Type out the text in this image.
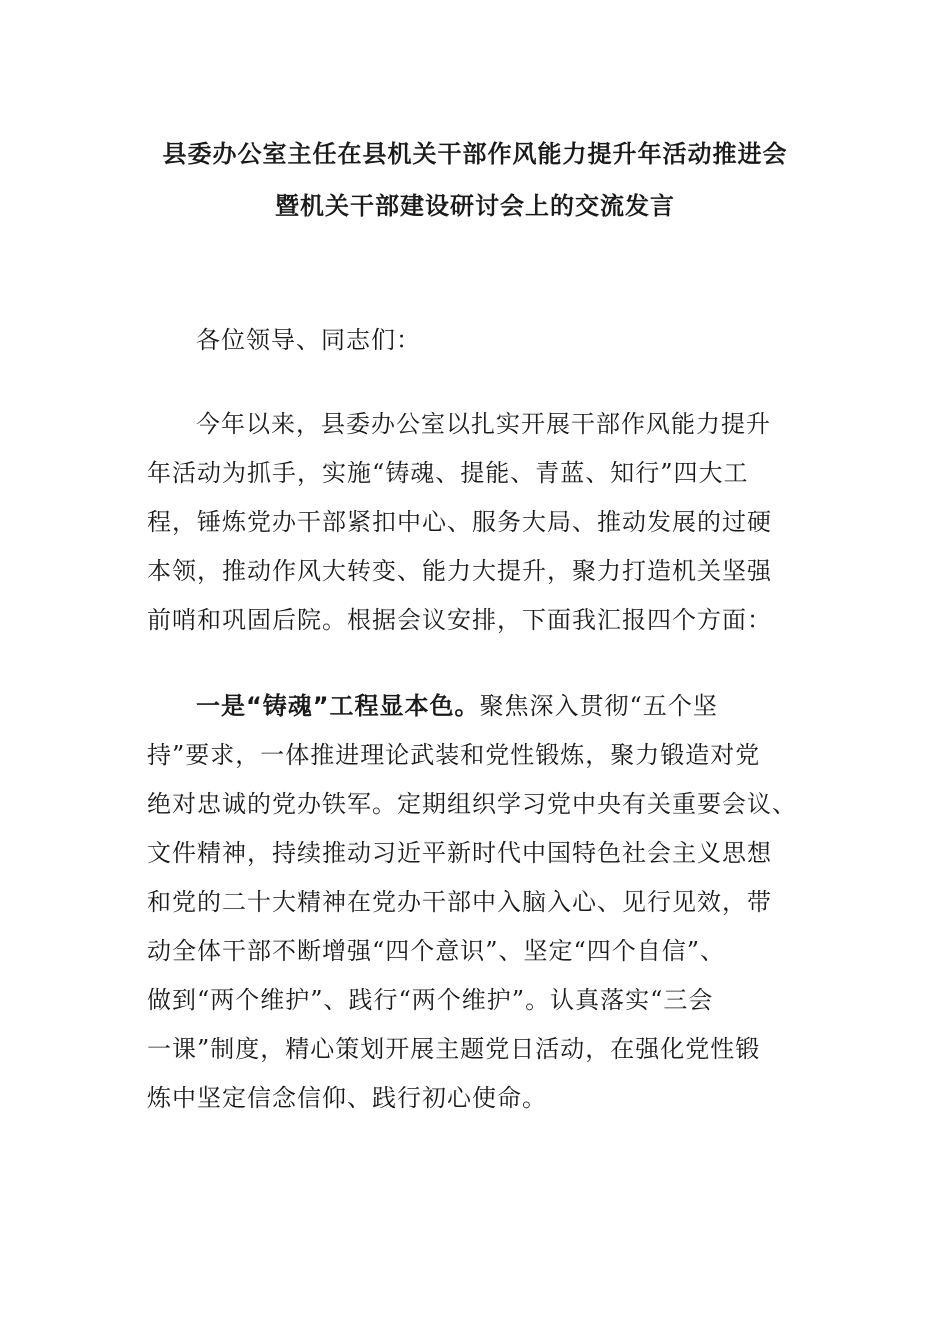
县委办公室主任在县机关干部作风能力提升年活动推进会
暨机关干部建设研讨会上的交流发言
各位领导、同志们：
今年以来，县委办公室以扎实开展干部作风能力提升
年活动为抓手，实施“铸魂、提能、青蓝、知行”四大工
程，锤炼党办干部紧扣中心、服务大局、推动发展的过硬
本领，推动作风大转变、能力大提升，聚力打造机关坚强
前哨和巩固后院。根据会议安排，下面我汇报四个方面：
一是“铸魂”工程显本色。聚焦深入贯彻“五个坚
持”要求，一体推进理论武装和党性锻炼，聚力锻造对党
绝对忠诚的党办铁军。定期组织学习党中央有关重要会议、
文件精神，持续推动习近平新时代中国特色社会主义思想
和党的二十大精神在党办干部中入脑入心、见行见效，带
动全体干部不断增强“四个意识”、坚定“四个自信”、
做到“两个维护”、践行“两个维护”。认真落实“三会
一课”制度，精心策划开展主题党日活动，在强化党性锻
炼中坚定信念信仰、践行初心使命。
